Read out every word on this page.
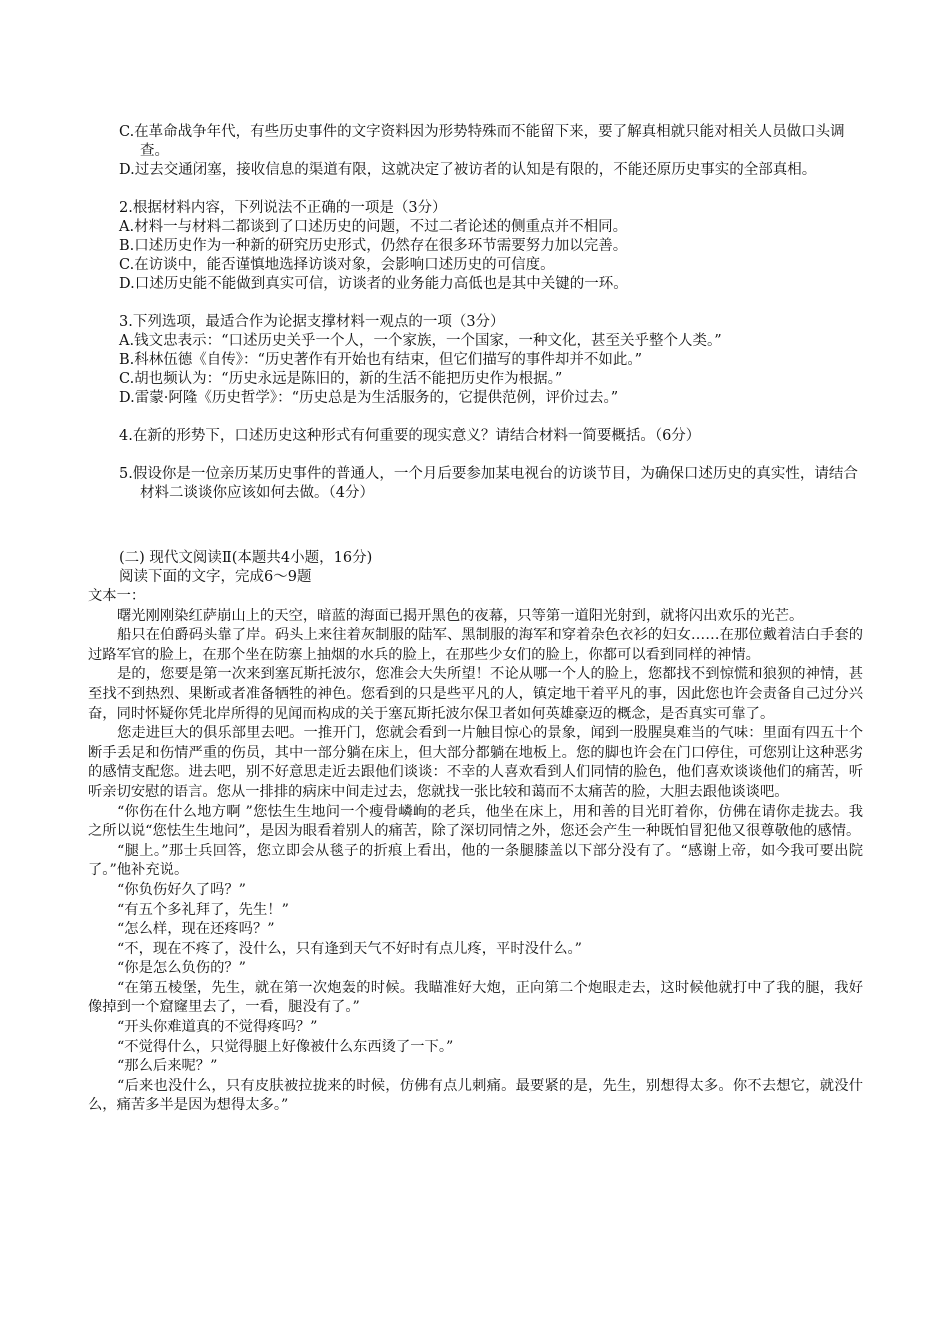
C.在革命战争年代，有些历史事件的文字资料因为形势特殊而不能留下来，要了解真相就只能对相关人员做口头调查。

D.过去交通闭塞，接收信息的渠道有限，这就决定了被访者的认知是有限的，不能还原历史事实的全部真相。

2.根据材料内容，下列说法不正确的一项是（3分）

A.材料一与材料二都谈到了口述历史的问题，不过二者论述的侧重点并不相同。

B.口述历史作为一种新的研究历史形式，仍然存在很多环节需要努力加以完善。

C.在访谈中，能否谨慎地选择访谈对象，会影响口述历史的可信度。

D.口述历史能不能做到真实可信，访谈者的业务能力高低也是其中关键的一环。

3.下列选项，最适合作为论据支撑材料一观点的一项（3分）

A.钱文忠表示：“口述历史关乎一个人，一个家族，一个国家，一种文化，甚至关乎整个人类。”

B.科林伍德《自传》：“历史著作有开始也有结束，但它们描写的事件却并不如此。”

C.胡也频认为：“历史永远是陈旧的，新的生活不能把历史作为根据。”

D.雷蒙·阿隆《历史哲学》：“历史总是为生活服务的，它提供范例，评价过去。”

4.在新的形势下，口述历史这种形式有何重要的现实意义？请结合材料一简要概括。（6分）

5.假设你是一位亲历某历史事件的普通人，一个月后要参加某电视台的访谈节目，为确保口述历史的真实性，请结合材料二谈谈你应该如何去做。（4分）

(二) 现代文阅读Ⅱ(本题共4小题，16分)

阅读下面的文字，完成6～9题

文本一：

曙光刚刚染红萨崩山上的天空，暗蓝的海面已揭开黑色的夜幕，只等第一道阳光射到，就将闪出欢乐的光芒。

船只在伯爵码头靠了岸。码头上来往着灰制服的陆军、黑制服的海军和穿着杂色衣衫的妇女……在那位戴着洁白手套的过路军官的脸上，在那个坐在防寨上抽烟的水兵的脸上，在那些少女们的脸上，你都可以看到同样的神情。

是的，您要是第一次来到塞瓦斯托波尔，您准会大失所望！不论从哪一个人的脸上，您都找不到惊慌和狼狈的神情，甚至找不到热烈、果断或者准备牺牲的神色。您看到的只是些平凡的人，镇定地干着平凡的事，因此您也许会责备自己过分兴奋，同时怀疑你凭北岸所得的见闻而构成的关于塞瓦斯托波尔保卫者如何英雄豪迈的概念，是否真实可靠了。

您走进巨大的俱乐部里去吧。一推开门，您就会看到一片触目惊心的景象，闻到一股腥臭难当的气味：里面有四五十个断手丢足和伤情严重的伤员，其中一部分躺在床上，但大部分都躺在地板上。您的脚也许会在门口停住，可您别让这种恶劣的感情支配您。进去吧，别不好意思走近去跟他们谈谈：不幸的人喜欢看到人们同情的脸色，他们喜欢谈谈他们的痛苦，听听亲切安慰的语言。您从一排排的病床中间走过去，您就找一张比较和蔼而不太痛苦的脸，大胆去跟他谈谈吧。

“你伤在什么地方啊 ”您怯生生地问一个瘦骨嶙峋的老兵，他坐在床上，用和善的目光盯着你，仿佛在请你走拢去。我之所以说“您怯生生地问”，是因为眼看着别人的痛苦，除了深切同情之外，您还会产生一种既怕冒犯他又很尊敬他的感情。

“腿上。”那士兵回答，您立即会从毯子的折痕上看出，他的一条腿膝盖以下部分没有了。“感谢上帝，如今我可要出院了。”他补充说。

“你负伤好久了吗？”

“有五个多礼拜了，先生！”

“怎么样，现在还疼吗？”

“不，现在不疼了，没什么，只有逢到天气不好时有点儿疼，平时没什么。”

“你是怎么负伤的？”

“在第五棱堡，先生，就在第一次炮轰的时候。我瞄准好大炮，正向第二个炮眼走去，这时候他就打中了我的腿，我好像掉到一个窟窿里去了，一看，腿没有了。”

“开头你难道真的不觉得疼吗？”

“不觉得什么，只觉得腿上好像被什么东西烫了一下。”

“那么后来呢？”

“后来也没什么，只有皮肤被拉拢来的时候，仿佛有点儿刺痛。最要紧的是，先生，别想得太多。你不去想它，就没什么，痛苦多半是因为想得太多。”
